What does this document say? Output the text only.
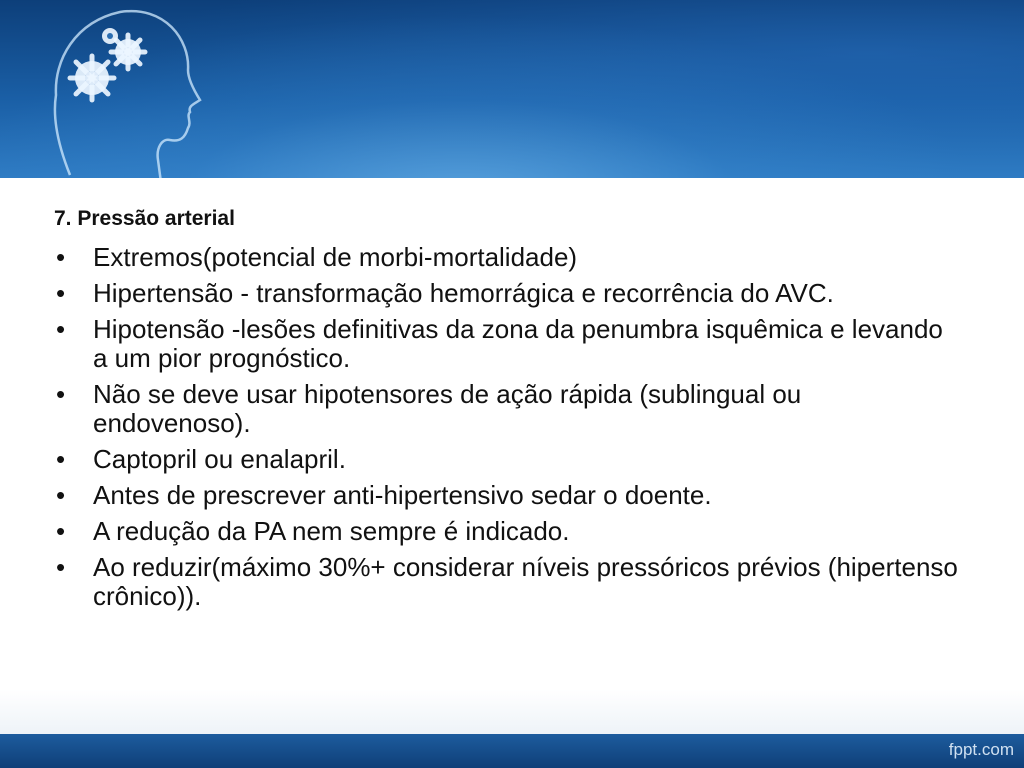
7. Pressão arterial
• Extremos(potencial de morbi-mortalidade)
• Hipertensão - transformação hemorrágica e recorrência do AVC.
• Hipotensão -lesões definitivas da zona da penumbra isquêmica e levando a um pior prognóstico.
• Não se deve usar hipotensores de ação rápida (sublingual ou endovenoso).
• Captopril ou enalapril.
• Antes de prescrever anti-hipertensivo sedar o doente.
• A redução da PA nem sempre é indicado.
• Ao reduzir(máximo 30%+ considerar níveis pressóricos prévios (hipertenso crônico)).
fppt.com
